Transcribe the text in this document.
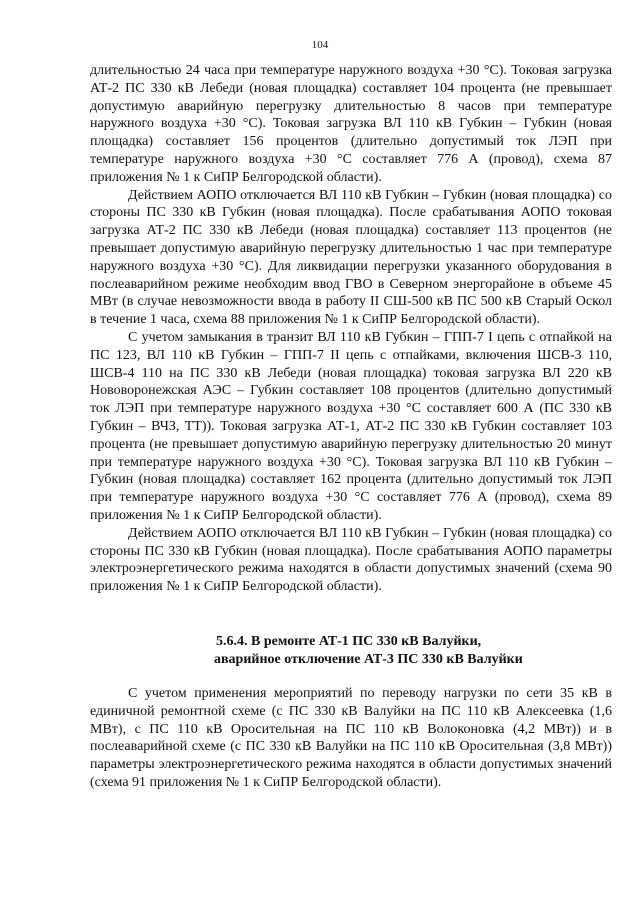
104

длительностью 24 часа при температуре наружного воздуха +30 °С). Токовая загрузка АТ-2 ПС 330 кВ Лебеди (новая площадка) составляет 104 процента (не превышает допустимую аварийную перегрузку длительностью 8 часов при температуре наружного воздуха +30 °С). Токовая загрузка ВЛ 110 кВ Губкин – Губкин (новая площадка) составляет 156 процентов (длительно допустимый ток ЛЭП при температуре наружного воздуха +30 °С составляет 776 А (провод), схема 87 приложения № 1 к СиПР Белгородской области).

Действием АОПО отключается ВЛ 110 кВ Губкин – Губкин (новая площадка) со стороны ПС 330 кВ Губкин (новая площадка). После срабатывания АОПО токовая загрузка АТ-2 ПС 330 кВ Лебеди (новая площадка) составляет 113 процентов (не превышает допустимую аварийную перегрузку длительностью 1 час при температуре наружного воздуха +30 °С). Для ликвидации перегрузки указанного оборудования в послеаварийном режиме необходим ввод ГВО в Северном энергорайоне в объеме 45 МВт (в случае невозможности ввода в работу II СШ-500 кВ ПС 500 кВ Старый Оскол в течение 1 часа, схема 88 приложения № 1 к СиПР Белгородской области).

С учетом замыкания в транзит ВЛ 110 кВ Губкин – ГПП-7 I цепь с отпайкой на ПС 123, ВЛ 110 кВ Губкин – ГПП-7 II цепь с отпайками, включения ШСВ-3 110, ШСВ-4 110 на ПС 330 кВ Лебеди (новая площадка) токовая загрузка ВЛ 220 кВ Нововоронежская АЭС – Губкин составляет 108 процентов (длительно допустимый ток ЛЭП при температуре наружного воздуха +30 °С составляет 600 А (ПС 330 кВ Губкин – ВЧЗ, ТТ)). Токовая загрузка АТ-1, АТ-2 ПС 330 кВ Губкин составляет 103 процента (не превышает допустимую аварийную перегрузку длительностью 20 минут при температуре наружного воздуха +30 °С). Токовая загрузка ВЛ 110 кВ Губкин – Губкин (новая площадка) составляет 162 процента (длительно допустимый ток ЛЭП при температуре наружного воздуха +30 °С составляет 776 А (провод), схема 89 приложения № 1 к СиПР Белгородской области).

Действием АОПО отключается ВЛ 110 кВ Губкин – Губкин (новая площадка) со стороны ПС 330 кВ Губкин (новая площадка). После срабатывания АОПО параметры электроэнергетического режима находятся в области допустимых значений (схема 90 приложения № 1 к СиПР Белгородской области).

5.6.4. В ремонте АТ-1 ПС 330 кВ Валуйки,
аварийное отключение АТ-3 ПС 330 кВ Валуйки

С учетом применения мероприятий по переводу нагрузки по сети 35 кВ в единичной ремонтной схеме (с ПС 330 кВ Валуйки на ПС 110 кВ Алексеевка (1,6 МВт), с ПС 110 кВ Оросительная на ПС 110 кВ Волоконовка (4,2 МВт)) и в послеаварийной схеме (с ПС 330 кВ Валуйки на ПС 110 кВ Оросительная (3,8 МВт)) параметры электроэнергетического режима находятся в области допустимых значений (схема 91 приложения № 1 к СиПР Белгородской области).
